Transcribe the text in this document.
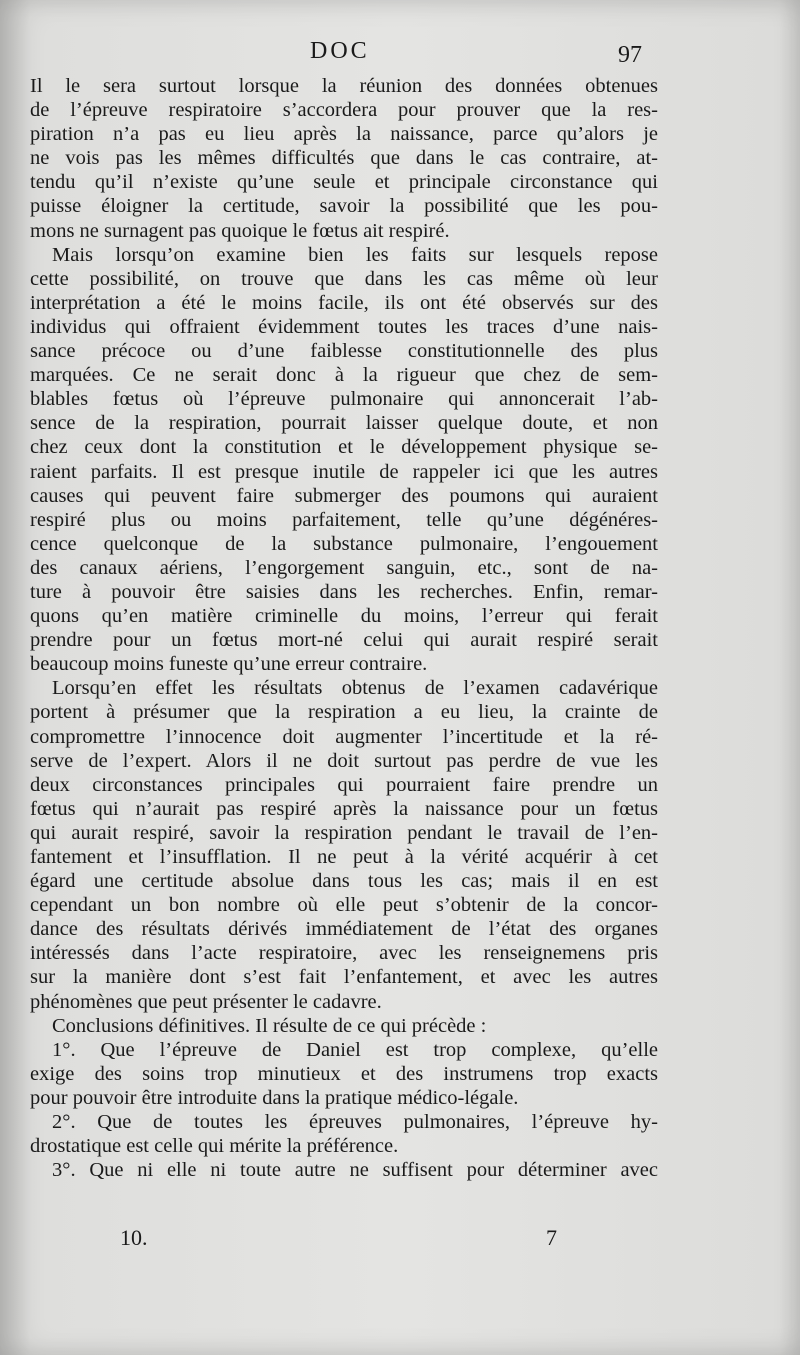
DOC	97
Il le sera surtout lorsque la réunion des données obtenues
de l’épreuve respiratoire s’accordera pour prouver que la res-
piration n’a pas eu lieu après la naissance, parce qu’alors je
ne vois pas les mêmes difficultés que dans le cas contraire, at-
tendu qu’il n’existe qu’une seule et principale circonstance qui
puisse éloigner la certitude, savoir la possibilité que les pou-
mons ne surnagent pas quoique le fœtus ait respiré.
Mais lorsqu’on examine bien les faits sur lesquels repose
cette possibilité, on trouve que dans les cas même où leur
interprétation a été le moins facile, ils ont été observés sur des
individus qui offraient évidemment toutes les traces d’une nais-
sance précoce ou d’une faiblesse constitutionnelle des plus
marquées. Ce ne serait donc à la rigueur que chez de sem-
blables fœtus où l’épreuve pulmonaire qui annoncerait l’ab-
sence de la respiration, pourrait laisser quelque doute, et non
chez ceux dont la constitution et le développement physique se-
raient parfaits. Il est presque inutile de rappeler ici que les autres
causes qui peuvent faire submerger des poumons qui auraient
respiré plus ou moins parfaitement, telle qu’une dégénéres-
cence quelconque de la substance pulmonaire, l’engouement
des canaux aériens, l’engorgement sanguin, etc., sont de na-
ture à pouvoir être saisies dans les recherches. Enfin, remar-
quons qu’en matière criminelle du moins, l’erreur qui ferait
prendre pour un fœtus mort-né celui qui aurait respiré serait
beaucoup moins funeste qu’une erreur contraire.
Lorsqu’en effet les résultats obtenus de l’examen cadavérique
portent à présumer que la respiration a eu lieu, la crainte de
compromettre l’innocence doit augmenter l’incertitude et la ré-
serve de l’expert. Alors il ne doit surtout pas perdre de vue les
deux circonstances principales qui pourraient faire prendre un
fœtus qui n’aurait pas respiré après la naissance pour un fœtus
qui aurait respiré, savoir la respiration pendant le travail de l’en-
fantement et l’insufflation. Il ne peut à la vérité acquérir à cet
égard une certitude absolue dans tous les cas; mais il en est
cependant un bon nombre où elle peut s’obtenir de la concor-
dance des résultats dérivés immédiatement de l’état des organes
intéressés dans l’acte respiratoire, avec les renseignemens pris
sur la manière dont s’est fait l’enfantement, et avec les autres
phénomènes que peut présenter le cadavre.
Conclusions définitives. Il résulte de ce qui précède :
1°. Que l’épreuve de Daniel est trop complexe, qu’elle
exige des soins trop minutieux et des instrumens trop exacts
pour pouvoir être introduite dans la pratique médico-légale.
2°. Que de toutes les épreuves pulmonaires, l’épreuve hy-
drostatique est celle qui mérite la préférence.
3°. Que ni elle ni toute autre ne suffisent pour déterminer avec
10.	7
